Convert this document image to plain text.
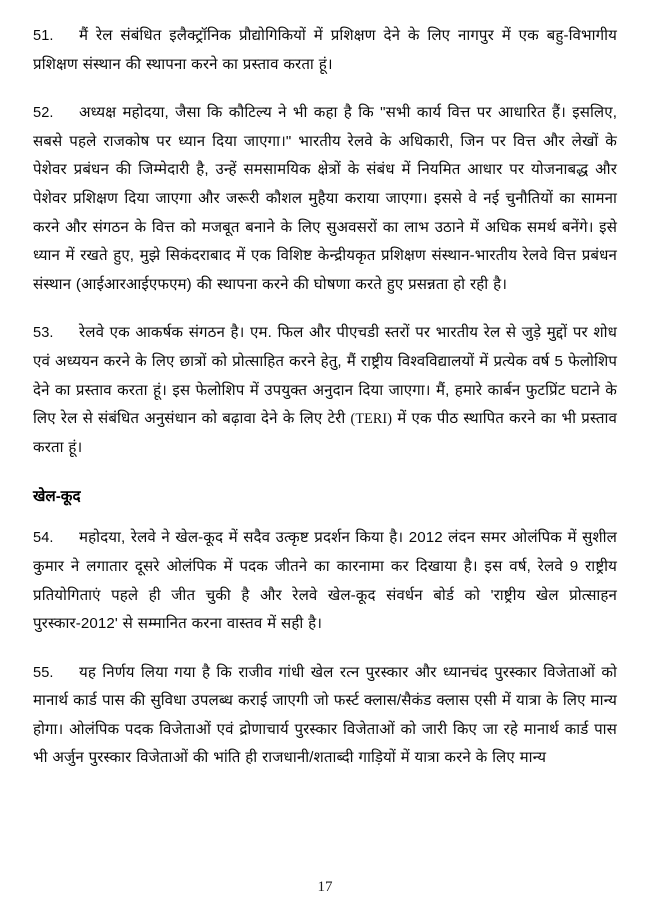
51. मैं रेल संबंधित इलैक्ट्रॉनिक प्रौद्योगिकियों में प्रशिक्षण देने के लिए नागपुर में एक बहु-विभागीय प्रशिक्षण संस्थान की स्थापना करने का प्रस्ताव करता हूं।

52. अध्यक्ष महोदया, जैसा कि कौटिल्य ने भी कहा है कि "सभी कार्य वित्त पर आधारित हैं। इसलिए, सबसे पहले राजकोष पर ध्यान दिया जाएगा।" भारतीय रेलवे के अधिकारी, जिन पर वित्त और लेखों के पेशेवर प्रबंधन की जिम्मेदारी है, उन्हें समसामयिक क्षेत्रों के संबंध में नियमित आधार पर योजनाबद्ध और पेशेवर प्रशिक्षण दिया जाएगा और जरूरी कौशल मुहैया कराया जाएगा। इससे वे नई चुनौतियों का सामना करने और संगठन के वित्त को मजबूत बनाने के लिए सुअवसरों का लाभ उठाने में अधिक समर्थ बनेंगे। इसे ध्यान में रखते हुए, मुझे सिकंदराबाद में एक विशिष्ट केन्द्रीयकृत प्रशिक्षण संस्थान-भारतीय रेलवे वित्त प्रबंधन संस्थान (आईआरआईएफएम) की स्थापना करने की घोषणा करते हुए प्रसन्नता हो रही है।

53. रेलवे एक आकर्षक संगठन है। एम. फिल और पीएचडी स्तरों पर भारतीय रेल से जुड़े मुद्दों पर शोध एवं अध्ययन करने के लिए छात्रों को प्रोत्साहित करने हेतु, मैं राष्ट्रीय विश्वविद्यालयों में प्रत्येक वर्ष 5 फेलोशिप देने का प्रस्ताव करता हूं। इस फेलोशिप में उपयुक्त अनुदान दिया जाएगा। मैं, हमारे कार्बन फुटप्रिंट घटाने के लिए रेल से संबंधित अनुसंधान को बढ़ावा देने के लिए टेरी (TERI) में एक पीठ स्थापित करने का भी प्रस्ताव करता हूं।

खेल-कूद

54. महोदया, रेलवे ने खेल-कूद में सदैव उत्कृष्ट प्रदर्शन किया है। 2012 लंदन समर ओलंपिक में सुशील कुमार ने लगातार दूसरे ओलंपिक में पदक जीतने का कारनामा कर दिखाया है। इस वर्ष, रेलवे 9 राष्ट्रीय प्रतियोगिताएं पहले ही जीत चुकी है और रेलवे खेल-कूद संवर्धन बोर्ड को 'राष्ट्रीय खेल प्रोत्साहन पुरस्कार-2012' से सम्मानित करना वास्तव में सही है।

55. यह निर्णय लिया गया है कि राजीव गांधी खेल रत्न पुरस्कार और ध्यानचंद पुरस्कार विजेताओं को मानार्थ कार्ड पास की सुविधा उपलब्ध कराई जाएगी जो फर्स्ट क्लास/सैकंड क्लास एसी में यात्रा के लिए मान्य होगा। ओलंपिक पदक विजेताओं एवं द्रोणाचार्य पुरस्कार विजेताओं को जारी किए जा रहे मानार्थ कार्ड पास भी अर्जुन पुरस्कार विजेताओं की भांति ही राजधानी/शताब्दी गाड़ियों में यात्रा करने के लिए मान्य

17
